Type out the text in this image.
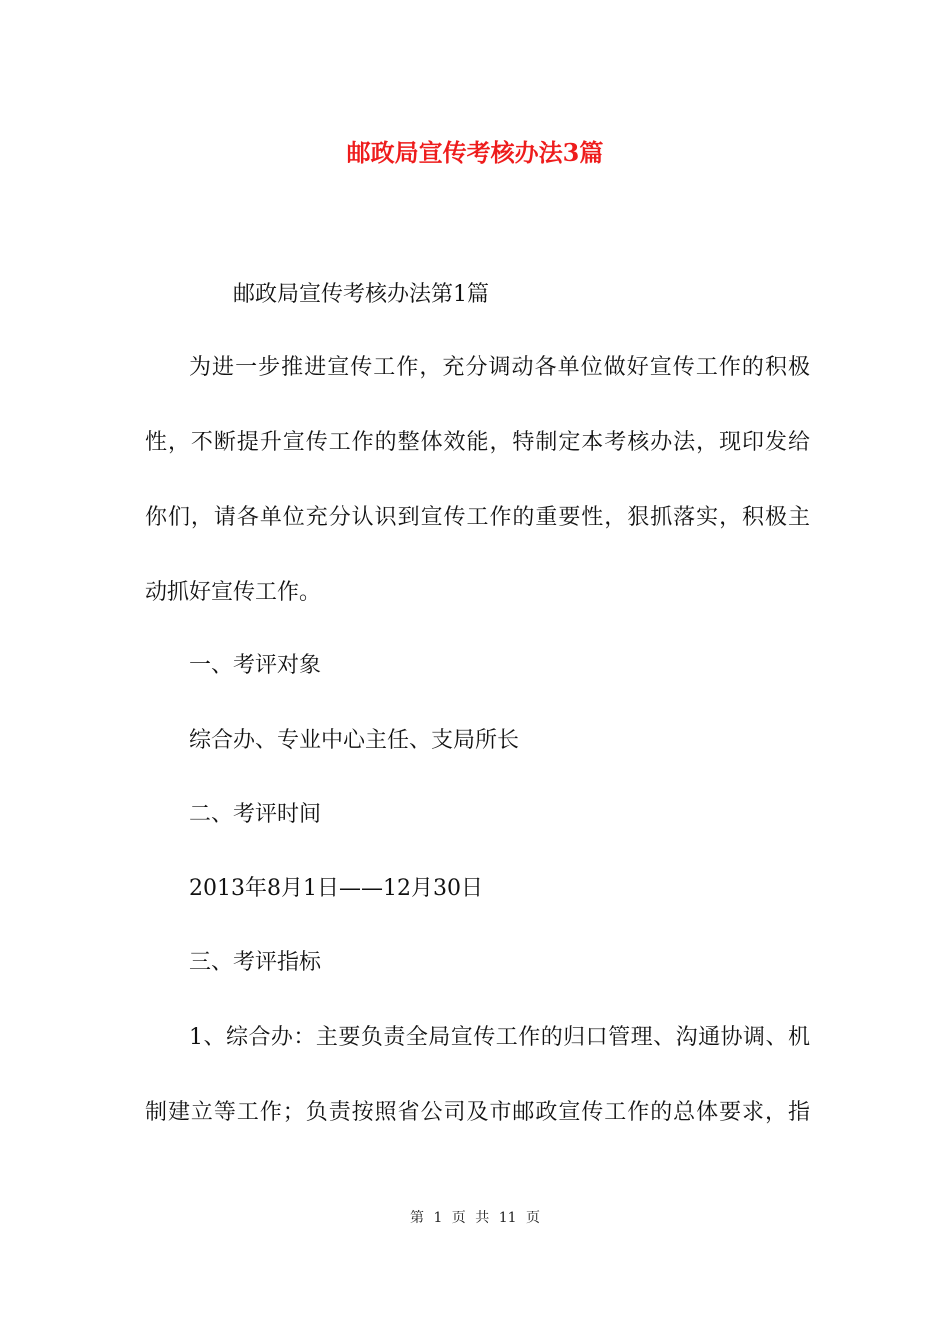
邮政局宣传考核办法3篇
邮政局宣传考核办法第1篇
为进一步推进宣传工作，充分调动各单位做好宣传工作的积极
性，不断提升宣传工作的整体效能，特制定本考核办法，现印发给
你们，请各单位充分认识到宣传工作的重要性，狠抓落实，积极主
动抓好宣传工作。
一、考评对象
综合办、专业中心主任、支局所长
二、考评时间
2013年8月1日——12月30日
三、考评指标
1、综合办：主要负责全局宣传工作的归口管理、沟通协调、机
制建立等工作；负责按照省公司及市邮政宣传工作的总体要求，指
第 1 页 共 11 页
